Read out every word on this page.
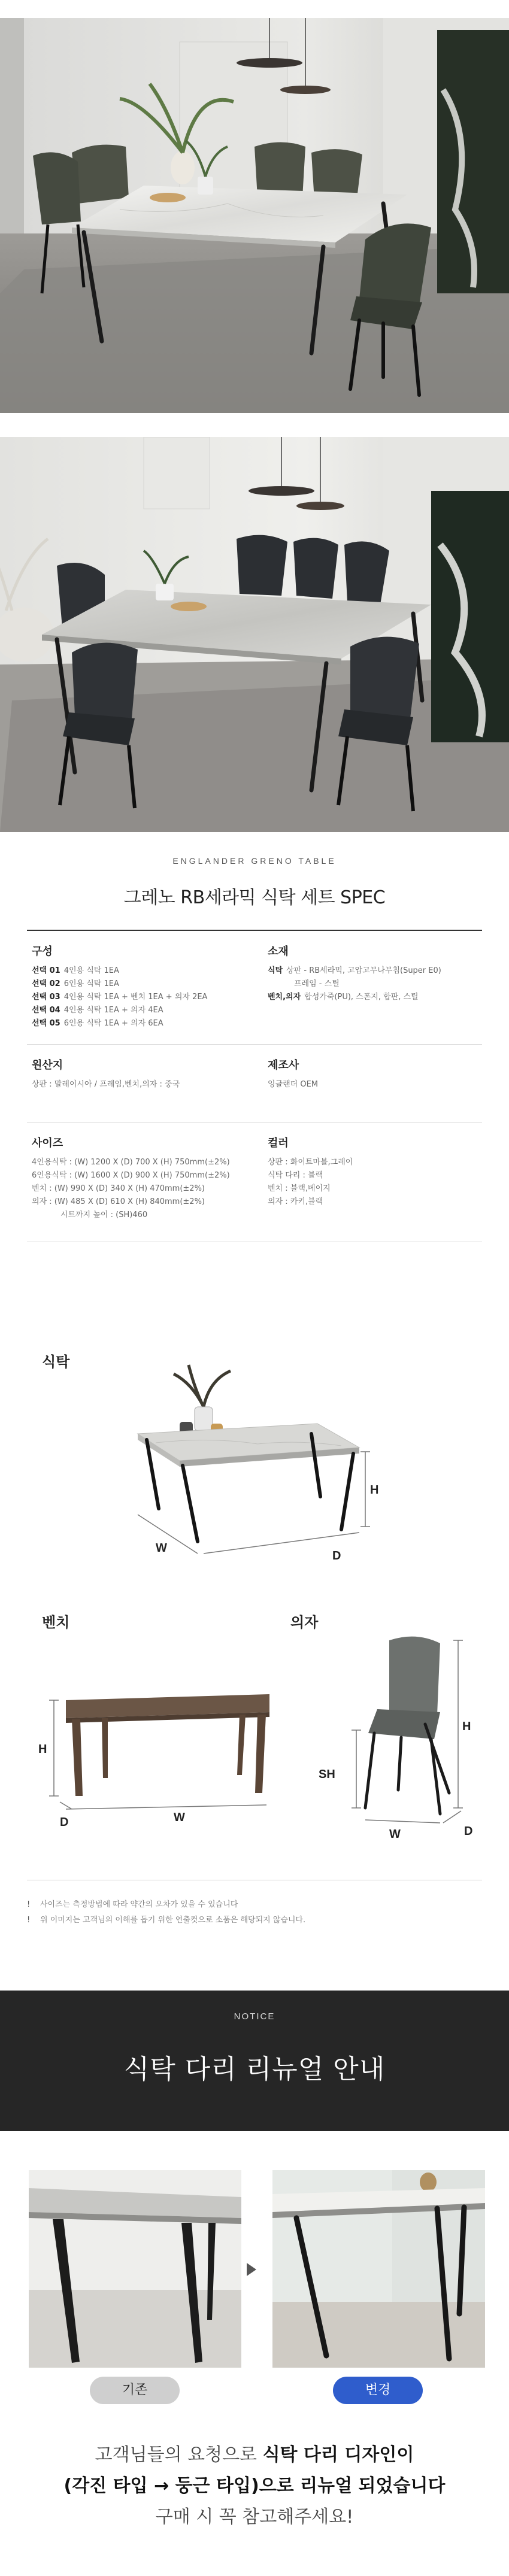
ENGLANDER GRENO TABLE
그레노 RB세라믹 식탁 세트 SPEC
구성
선택 01 4인용 식탁 1EA
선택 02 6인용 식탁 1EA
선택 03 4인용 식탁 1EA + 벤치 1EA + 의자 2EA
선택 04 4인용 식탁 1EA + 의자 4EA
선택 05 6인용 식탁 1EA + 의자 6EA
소재
식탁 상판 - RB세라믹, 고압고무나무칩(Super E0)
프레임 - 스틸
벤치,의자 합성가죽(PU), 스폰지, 합판, 스틸
원산지
상판 : 말레이시아 / 프레임,벤치,의자 : 중국
제조사
잉글랜더 OEM
사이즈
4인용식탁 : (W) 1200 X (D) 700 X (H) 750mm(±2%)
6인용식탁 : (W) 1600 X (D) 900 X (H) 750mm(±2%)
벤치 : (W) 990 X (D) 340 X (H) 470mm(±2%)
의자 : (W) 485 X (D) 610 X (H) 840mm(±2%)
시트까지 높이 : (SH)460
컬러
상판 : 화이트마블,그레이
식탁 다리 : 블랙
벤치 : 블랙,베이지
의자 : 카키,블랙
식탁
H
W
D
벤치
H
W
D
의자
H
SH
W	D
! 사이즈는 측정방법에 따라 약간의 오차가 있을 수 있습니다
! 위 이미지는 고객님의 이해를 돕기 위한 연출컷으로 소품은 해당되지 않습니다.
NOTICE
식탁 다리 리뉴얼 안내
기존	변경
고객님들의 요청으로 식탁 다리 디자인이
(각진 타입 → 둥근 타입)으로 리뉴얼 되었습니다
구매 시 꼭 참고해주세요!
